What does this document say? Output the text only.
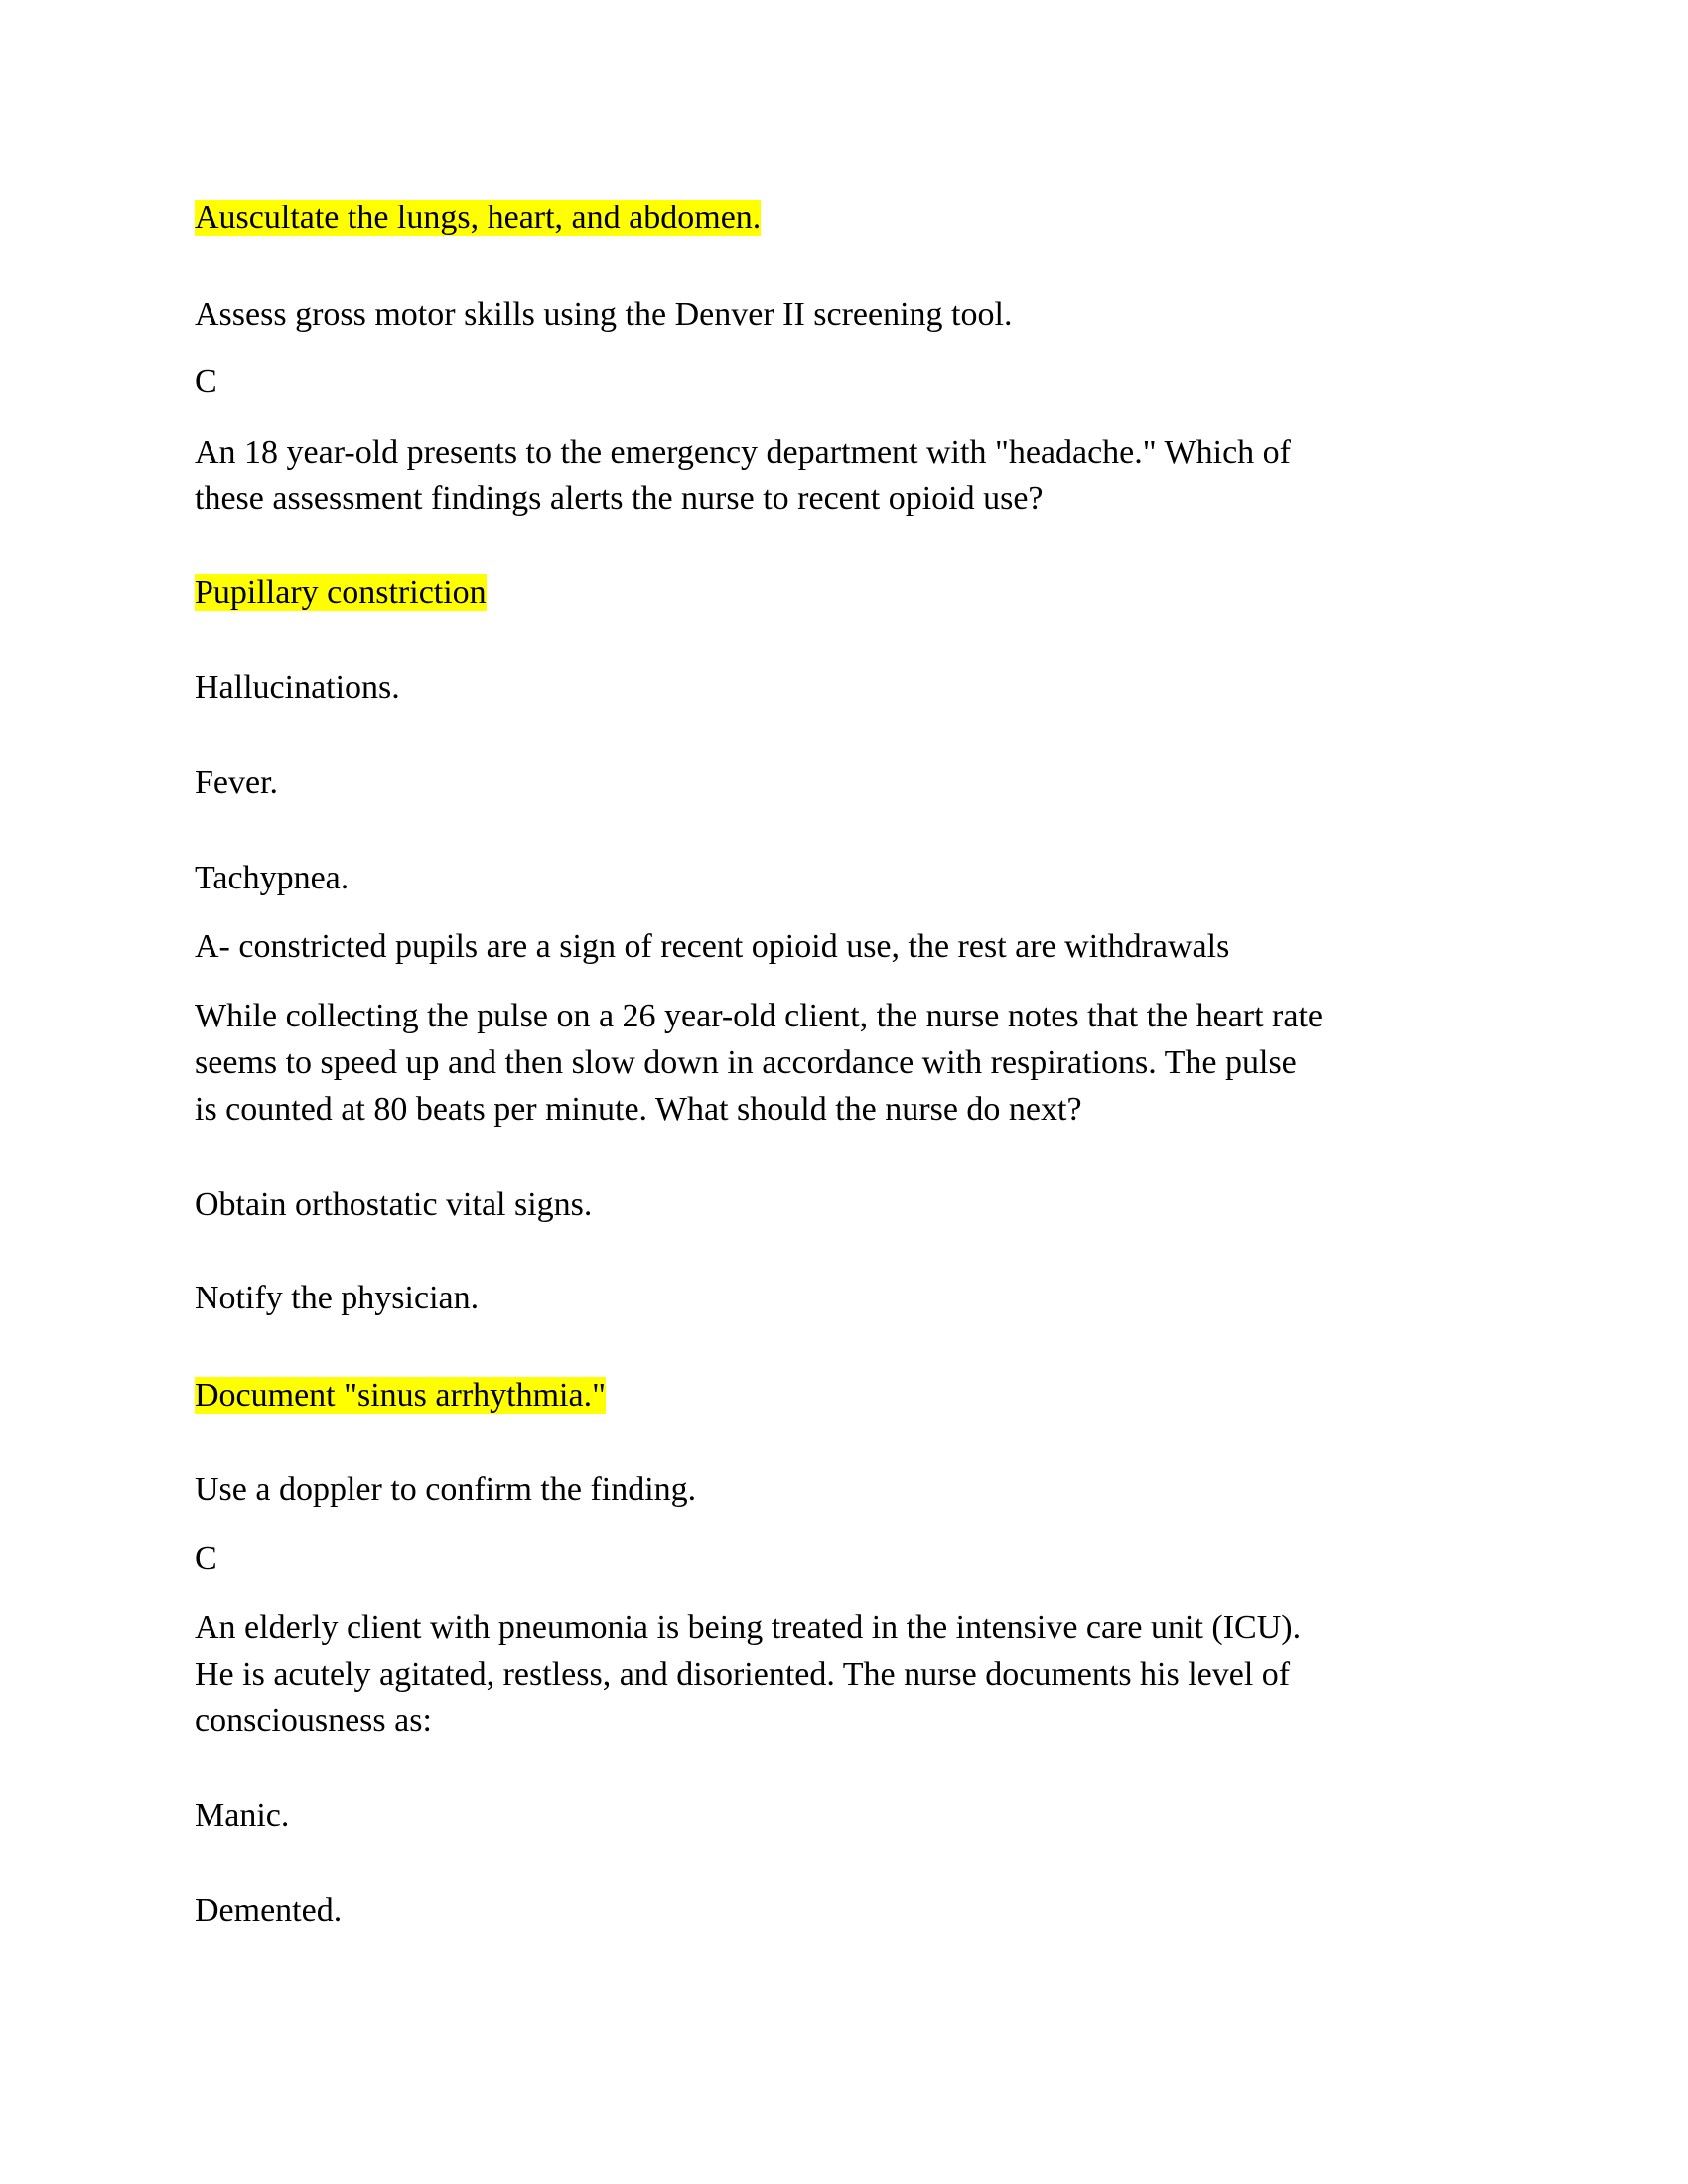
Auscultate the lungs, heart, and abdomen.
Assess gross motor skills using the Denver II screening tool.
C
An 18 year-old presents to the emergency department with "headache." Which of
these assessment findings alerts the nurse to recent opioid use?
Pupillary constriction
Hallucinations.
Fever.
Tachypnea.
A- constricted pupils are a sign of recent opioid use, the rest are withdrawals
While collecting the pulse on a 26 year-old client, the nurse notes that the heart rate
seems to speed up and then slow down in accordance with respirations. The pulse
is counted at 80 beats per minute. What should the nurse do next?
Obtain orthostatic vital signs.
Notify the physician.
Document "sinus arrhythmia."
Use a doppler to confirm the finding.
C
An elderly client with pneumonia is being treated in the intensive care unit (ICU).
He is acutely agitated, restless, and disoriented. The nurse documents his level of
consciousness as:
Manic.
Demented.
